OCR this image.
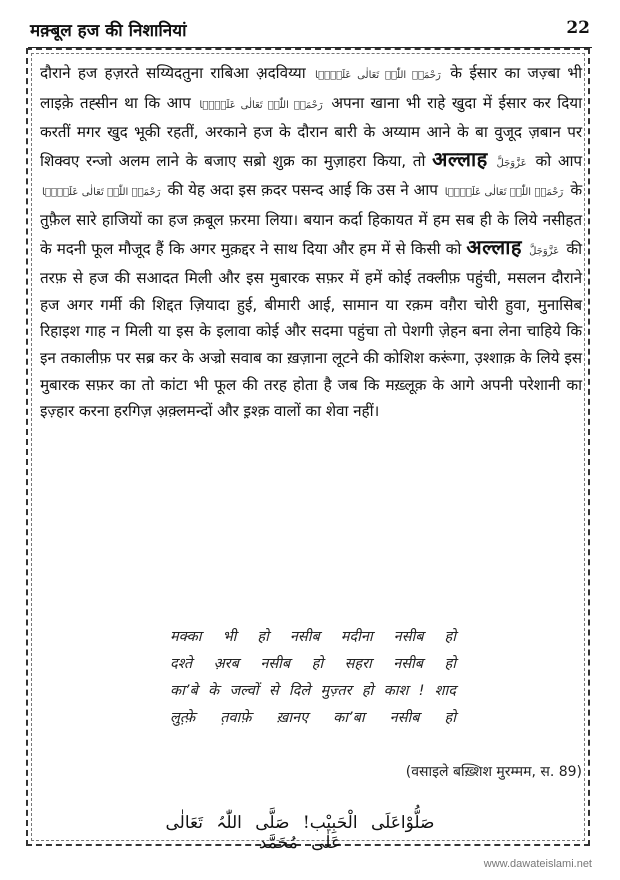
मक़्बूल हज की निशानियां	22
दौराने हज हज़रते सय्यिदतुना राबिआ अ़दविय्या رَحْمَۃُ اللّٰہِ تَعَالٰی عَلَیۡہَا के ईसार का जज़्बा भी लाइके़ तह्सीन था कि आप رَحْمَۃُ اللّٰہِ تَعَالٰی عَلَیۡہَا अपना खाना भी राहे खुदा में ईसार कर दिया करतीं मगर खुद भूकी रहतीं, अरकाने हज के दौरान बारी के अय्याम आने के बा वुजूद ज़बान पर शिक्वए रन्जो अलम लाने के बजाए सब्रो शुक्र का मुज़ाहरा किया, तो अल्लाह عَزَّوَجَلَّ को आप رَحْمَۃُ اللّٰہِ تَعَالٰی عَلَیۡہَا की येह अदा इस क़दर पसन्द आई कि उस ने आप رَحْمَۃُ اللّٰہِ تَعَالٰی عَلَیۡہَا के तुफ़ैल सारे हाजियों का हज क़बूल फ़रमा लिया। बयान कर्दा हिकायत में हम सब ही के लिये नसीहत के मदनी फूल मौजूद हैं कि अगर मुक़द्दर ने साथ दिया और हम में से किसी को अल्लाह عَزَّوَجَلَّ की तरफ़ से हज की सआदत मिली और इस मुबारक सफ़र में हमें कोई तक्लीफ़ पहुंची, मसलन दौराने हज अगर गर्मी की शिद्दत ज़ियादा हुई, बीमारी आई, सामान या रक़म वगै़रा चोरी हुवा, मुनासिब रिहाइश गाह न मिली या इस के इलावा कोई और सदमा पहुंचा तो पेशगी जे़हन बना लेना चाहिये कि इन तकालीफ़ पर सब्र कर के अज्रो सवाब का ख़ज़ाना लूटने की कोशिश करूंगा, उ़श्शाक़ के लिये इस मुबारक सफ़र का तो कांटा भी फूल की तरह होता है जब कि मख़्लूक़ के आगे अपनी परेशानी का इज़्हार करना हरगिज़ अ़क़्लमन्दों और इ़श्क़ वालों का शेवा नहीं।
मक्का भी हो नसीब मदीना नसीब हो
दश्ते अ़रब नसीब हो सहरा नसीब हो
का’बे के जल्वों से दिले मुज़्तर हो काश ! शाद
लुत़्फ़े त़वाफ़े ख़ानए का’बा नसीब हो
(वसाइले बख़्शिश मुरम्मम, स. 89)
صَلُّوْاعَلَی الْحَبِیْب! صَلَّی اللّٰہُ تَعَالٰی عَلٰی مُحَمَّد
www.dawateislami.net
